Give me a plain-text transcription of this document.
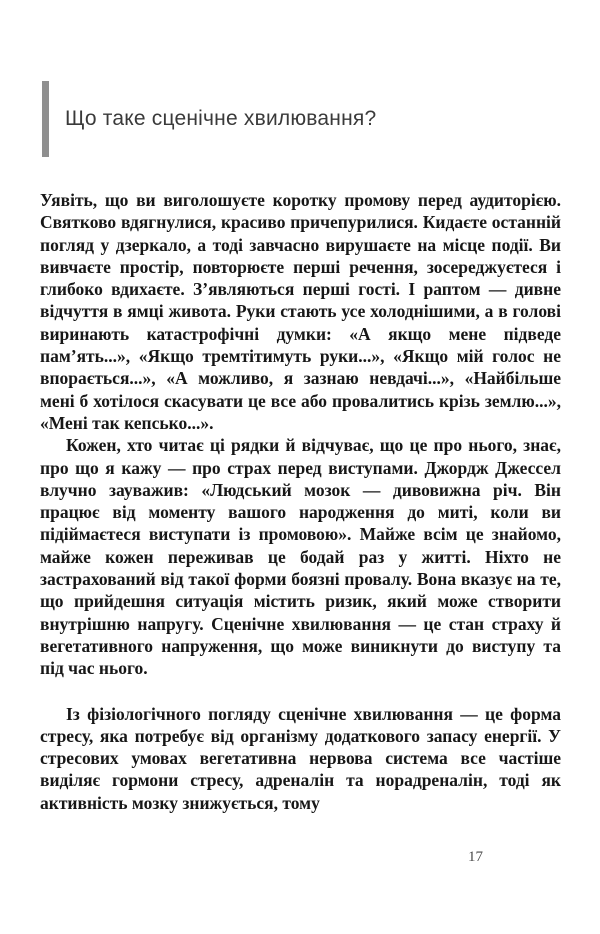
Що таке сценічне хвилювання?

Уявіть, що ви виголошуєте коротку промову перед аудиторією. Святково вдягнулися, красиво причепурилися. Кидаєте останній погляд у дзеркало, а тоді завчасно вирушаєте на місце події. Ви вивчаєте простір, повторюєте перші речення, зосереджуєтеся і глибоко вдихаєте. З’являються перші гості. І раптом — дивне відчуття в ямці живота. Руки стають усе холоднішими, а в голові виринають катастрофічні думки: «А якщо мене підведе пам’ять...», «Якщо тремтітимуть руки...», «Якщо мій голос не впорається...», «А можливо, я зазнаю невдачі...», «Найбільше мені б хотілося скасувати це все або провалитись крізь землю...», «Мені так кепсько...».

Кожен, хто читає ці рядки й відчуває, що це про нього, знає, про що я кажу — про страх перед виступами. Джордж Джессел влучно зауважив: «Людський мозок — дивовижна річ. Він працює від моменту вашого народження до миті, коли ви підіймаєтеся виступати із промовою». Майже всім це знайомо, майже кожен переживав це бодай раз у житті. Ніхто не застрахований від такої форми боязні провалу. Вона вказує на те, що прийдешня ситуація містить ризик, який може створити внутрішню напругу. Сценічне хвилювання — це стан страху й вегетативного напруження, що може виникнути до виступу та під час нього.

Із фізіологічного погляду сценічне хвилювання — це форма стресу, яка потребує від організму додаткового запасу енергії. У стресових умовах вегетативна нервова система все частіше виділяє гормони стресу, адреналін та норадреналін, тоді як активність мозку знижується, тому

17
